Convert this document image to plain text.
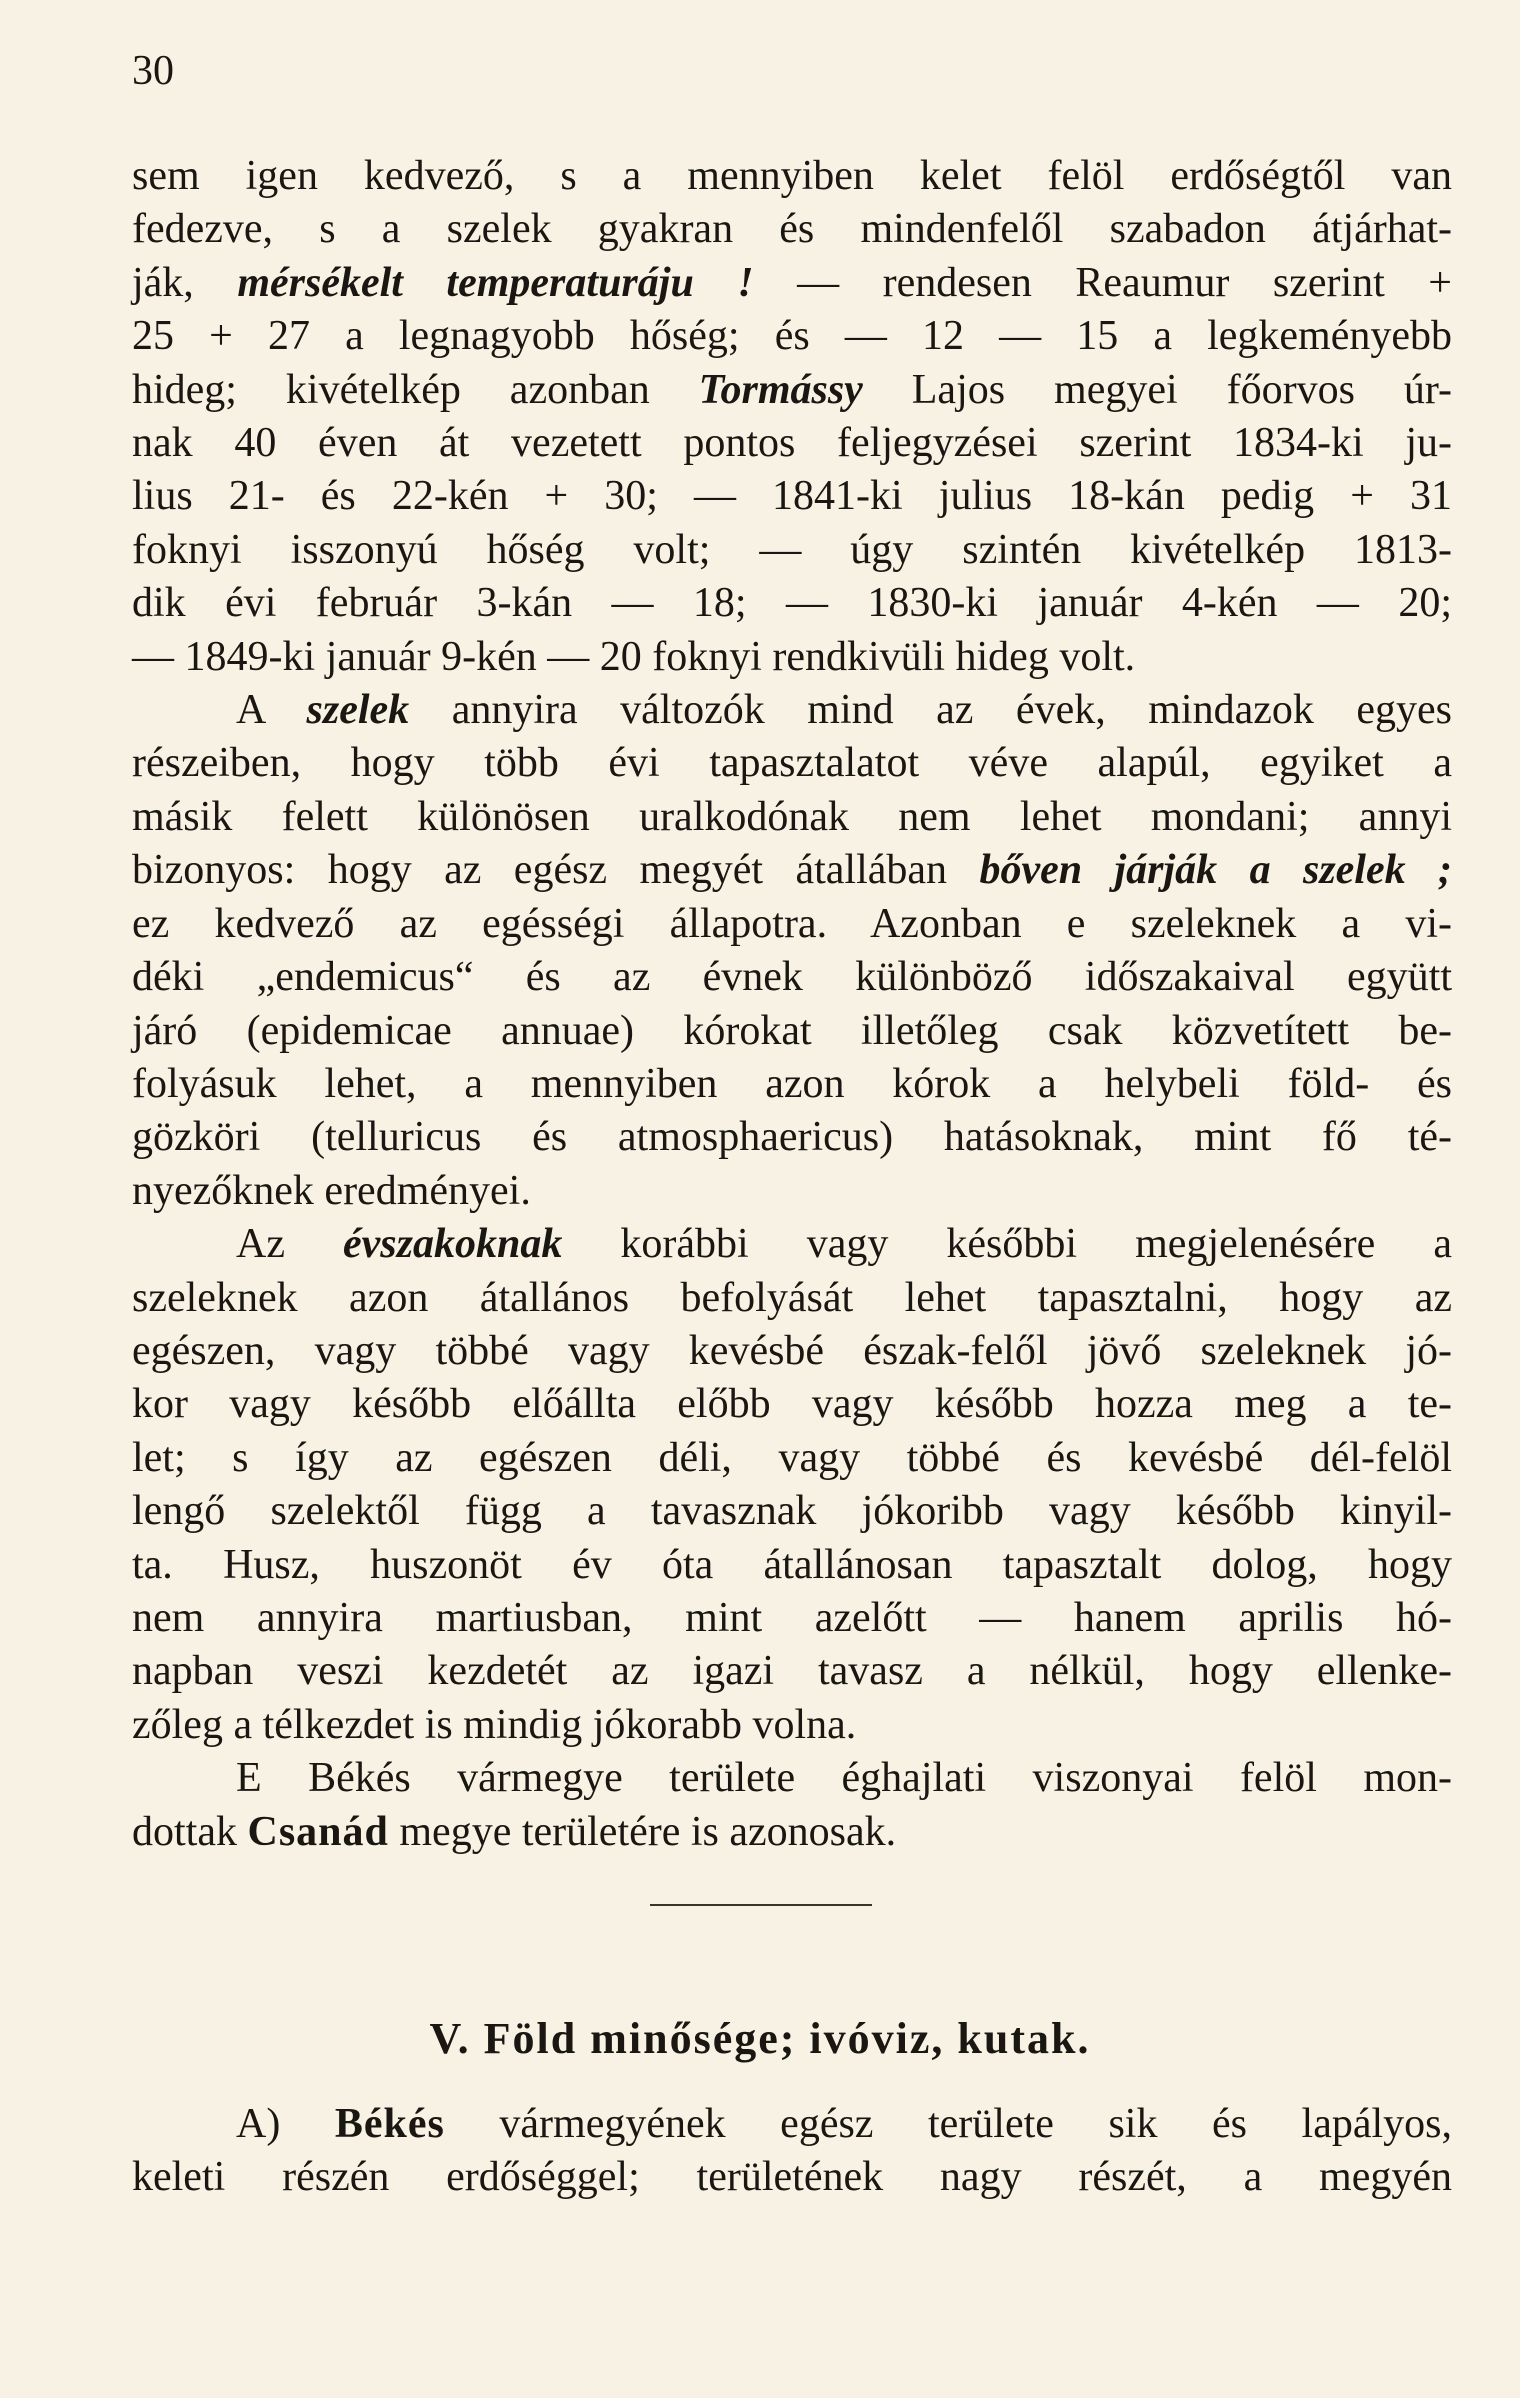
30
sem igen kedvező, s a mennyiben kelet felöl erdőségtől van
fedezve, s a szelek gyakran és mindenfelől szabadon átjárhat-
ják, mérsékelt temperaturáju ! — rendesen Reaumur szerint +
25 + 27 a legnagyobb hőség; és — 12 — 15 a legkeményebb
hideg; kivételkép azonban Tormássy Lajos megyei főorvos úr-
nak 40 éven át vezetett pontos feljegyzései szerint 1834-ki ju-
lius 21- és 22-kén + 30; — 1841-ki julius 18-kán pedig + 31
foknyi isszonyú hőség volt; — úgy szintén kivételkép 1813-
dik évi február 3-kán — 18; — 1830-ki január 4-kén — 20;
— 1849-ki január 9-kén — 20 foknyi rendkivüli hideg volt.
A szelek annyira változók mind az évek, mindazok egyes
részeiben, hogy több évi tapasztalatot véve alapúl, egyiket a
másik felett különösen uralkodónak nem lehet mondani; annyi
bizonyos: hogy az egész megyét átallában bőven járják a szelek ;
ez kedvező az egésségi állapotra. Azonban e szeleknek a vi-
déki „endemicus“ és az évnek különböző időszakaival együtt
járó (epidemicae annuae) kórokat illetőleg csak közvetített be-
folyásuk lehet, a mennyiben azon kórok a helybeli föld- és
gözköri (telluricus és atmosphaericus) hatásoknak, mint fő té-
nyezőknek eredményei.
Az évszakoknak korábbi vagy későbbi megjelenésére a
szeleknek azon átallános befolyását lehet tapasztalni, hogy az
egészen, vagy többé vagy kevésbé észak-felől jövő szeleknek jó-
kor vagy később előállta előbb vagy később hozza meg a te-
let; s így az egészen déli, vagy többé és kevésbé dél-felöl
lengő szelektől függ a tavasznak jókoribb vagy később kinyil-
ta. Husz, huszonöt év óta átallánosan tapasztalt dolog, hogy
nem annyira martiusban, mint azelőtt — hanem aprilis hó-
napban veszi kezdetét az igazi tavasz a nélkül, hogy ellenke-
zőleg a télkezdet is mindig jókorabb volna.
E Békés vármegye területe éghajlati viszonyai felöl mon-
dottak Csanád megye területére is azonosak.
V. Föld minősége; ivóviz, kutak.
A) Békés vármegyének egész területe sik és lapályos,
keleti részén erdőséggel; területének nagy részét, a megyén
